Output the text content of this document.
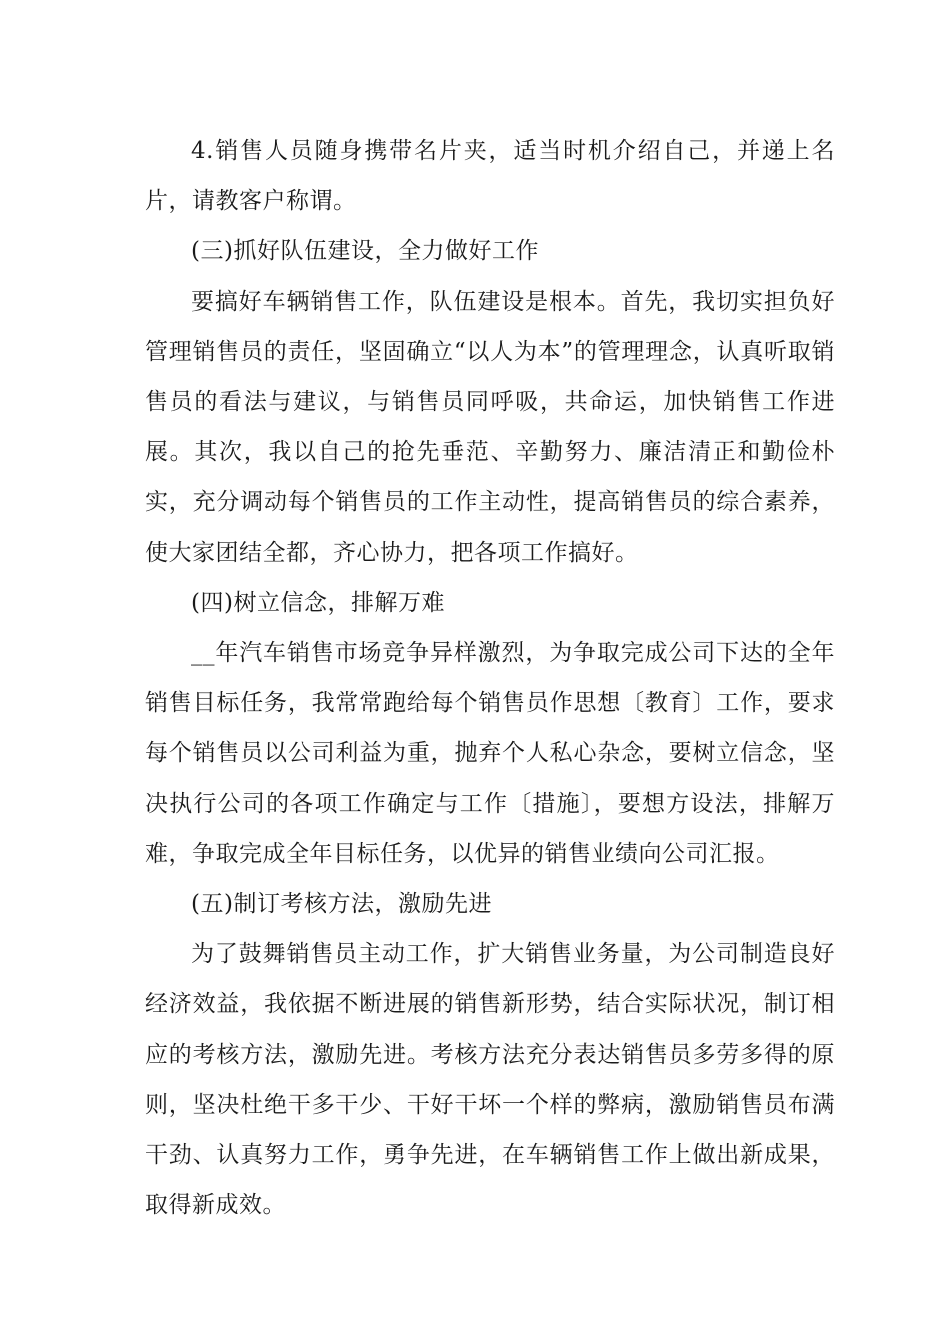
4.销售人员随身携带名片夹，适当时机介绍自己，并递上名片，请教客户称谓。

(三)抓好队伍建设，全力做好工作

要搞好车辆销售工作，队伍建设是根本。首先，我切实担负好管理销售员的责任，坚固确立“以人为本”的管理理念，认真听取销售员的看法与建议，与销售员同呼吸，共命运，加快销售工作进展。其次，我以自己的抢先垂范、辛勤努力、廉洁清正和勤俭朴实，充分调动每个销售员的工作主动性，提高销售员的综合素养，使大家团结全都，齐心协力，把各项工作搞好。

(四)树立信念，排解万难

__年汽车销售市场竞争异样激烈，为争取完成公司下达的全年销售目标任务，我常常跑给每个销售员作思想〔教育〕工作，要求每个销售员以公司利益为重，抛弃个人私心杂念，要树立信念，坚决执行公司的各项工作确定与工作〔措施〕，要想方设法，排解万难，争取完成全年目标任务，以优异的销售业绩向公司汇报。

(五)制订考核方法，激励先进

为了鼓舞销售员主动工作，扩大销售业务量，为公司制造良好经济效益，我依据不断进展的销售新形势，结合实际状况，制订相应的考核方法，激励先进。考核方法充分表达销售员多劳多得的原则，坚决杜绝干多干少、干好干坏一个样的弊病，激励销售员布满干劲、认真努力工作，勇争先进，在车辆销售工作上做出新成果，取得新成效。
